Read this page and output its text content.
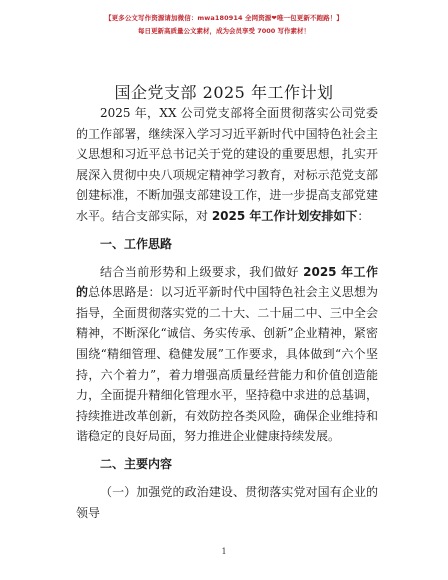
【更多公文写作资源请加微信：mwa180914 全网资源❤唯一包更新不跑路！】
每日更新高质量公文素材，成为会员享受 7000 写作素材！
国企党支部 2025 年工作计划

2025 年，XX 公司党支部将全面贯彻落实公司党委的工作部署，继续深入学习习近平新时代中国特色社会主义思想和习近平总书记关于党的建设的重要思想，扎实开展深入贯彻中央八项规定精神学习教育，对标示范党支部创建标准，不断加强支部建设工作，进一步提高支部党建水平。结合支部实际，对 2025 年工作计划安排如下：

一、工作思路

结合当前形势和上级要求，我们做好 2025 年工作的总体思路是：以习近平新时代中国特色社会主义思想为指导，全面贯彻落实党的二十大、二十届二中、三中全会精神，不断深化“诚信、务实传承、创新”企业精神，紧密围绕“精细管理、稳健发展”工作要求，具体做到“六个坚持，六个着力”，着力增强高质量经营能力和价值创造能力，全面提升精细化管理水平，坚持稳中求进的总基调，持续推进改革创新，有效防控各类风险，确保企业维持和谐稳定的良好局面，努力推进企业健康持续发展。

二、主要内容

（一）加强党的政治建设、贯彻落实党对国有企业的领导

1
